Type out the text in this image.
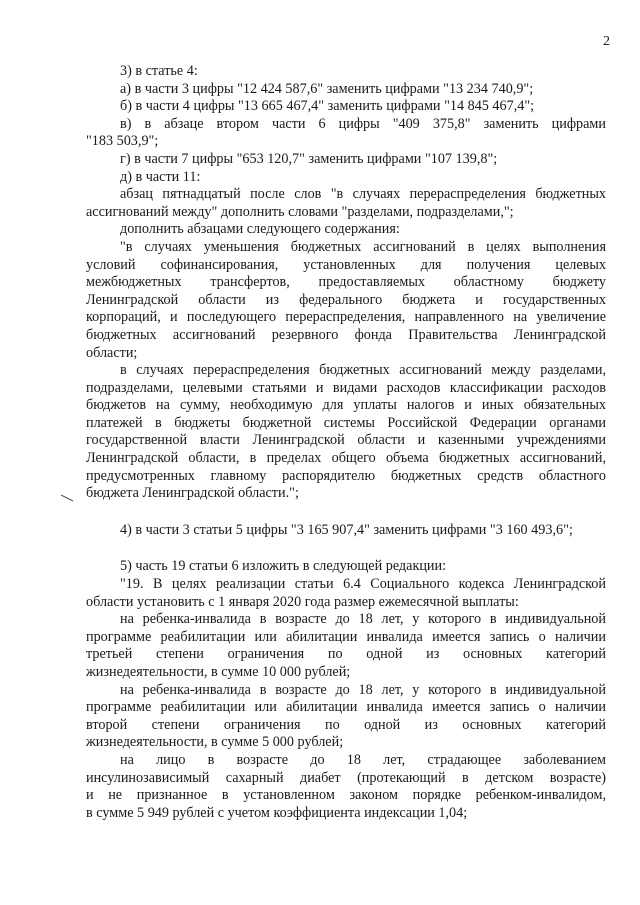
2

3) в статье 4:

а) в части 3 цифры "12 424 587,6" заменить цифрами "13 234 740,9";

б) в части 4 цифры "13 665 467,4" заменить цифрами "14 845 467,4";

в) в абзаце втором части 6 цифры "409 375,8" заменить цифрами

"183 503,9";

г) в части 7 цифры "653 120,7" заменить цифрами "107 139,8";

д) в части 11:

абзац пятнадцатый после слов "в случаях перераспределения бюджетных

ассигнований между" дополнить словами "разделами, подразделами,";

дополнить абзацами следующего содержания:

"в случаях уменьшения бюджетных ассигнований в целях выполнения

условий софинансирования, установленных для получения целевых

межбюджетных трансфертов, предоставляемых областному бюджету

Ленинградской области из федерального бюджета и государственных

корпораций, и последующего перераспределения, направленного на увеличение

бюджетных ассигнований резервного фонда Правительства Ленинградской

области;

в случаях перераспределения бюджетных ассигнований между разделами,

подразделами, целевыми статьями и видами расходов классификации расходов

бюджетов на сумму, необходимую для уплаты налогов и иных обязательных

платежей в бюджеты бюджетной системы Российской Федерации органами

государственной власти Ленинградской области и казенными учреждениями

Ленинградской области, в пределах общего объема бюджетных ассигнований,

предусмотренных главному распорядителю бюджетных средств областного

бюджета Ленинградской области.";

4) в части 3 статьи 5 цифры "3 165 907,4" заменить цифрами "3 160 493,6";

5) часть 19 статьи 6 изложить в следующей редакции:

"19. В целях реализации статьи 6.4 Социального кодекса Ленинградской

области установить с 1 января 2020 года размер ежемесячной выплаты:

на ребенка-инвалида в возрасте до 18 лет, у которого в индивидуальной

программе реабилитации или абилитации инвалида имеется запись о наличии

третьей степени ограничения по одной из основных категорий

жизнедеятельности, в сумме 10 000 рублей;

на ребенка-инвалида в возрасте до 18 лет, у которого в индивидуальной

программе реабилитации или абилитации инвалида имеется запись о наличии

второй степени ограничения по одной из основных категорий

жизнедеятельности, в сумме 5 000 рублей;

на лицо в возрасте до 18 лет, страдающее заболеванием

инсулинозависимый сахарный диабет (протекающий в детском возрасте)

и не признанное в установленном законом порядке ребенком-инвалидом,

в сумме 5 949 рублей с учетом коэффициента индексации 1,04;
